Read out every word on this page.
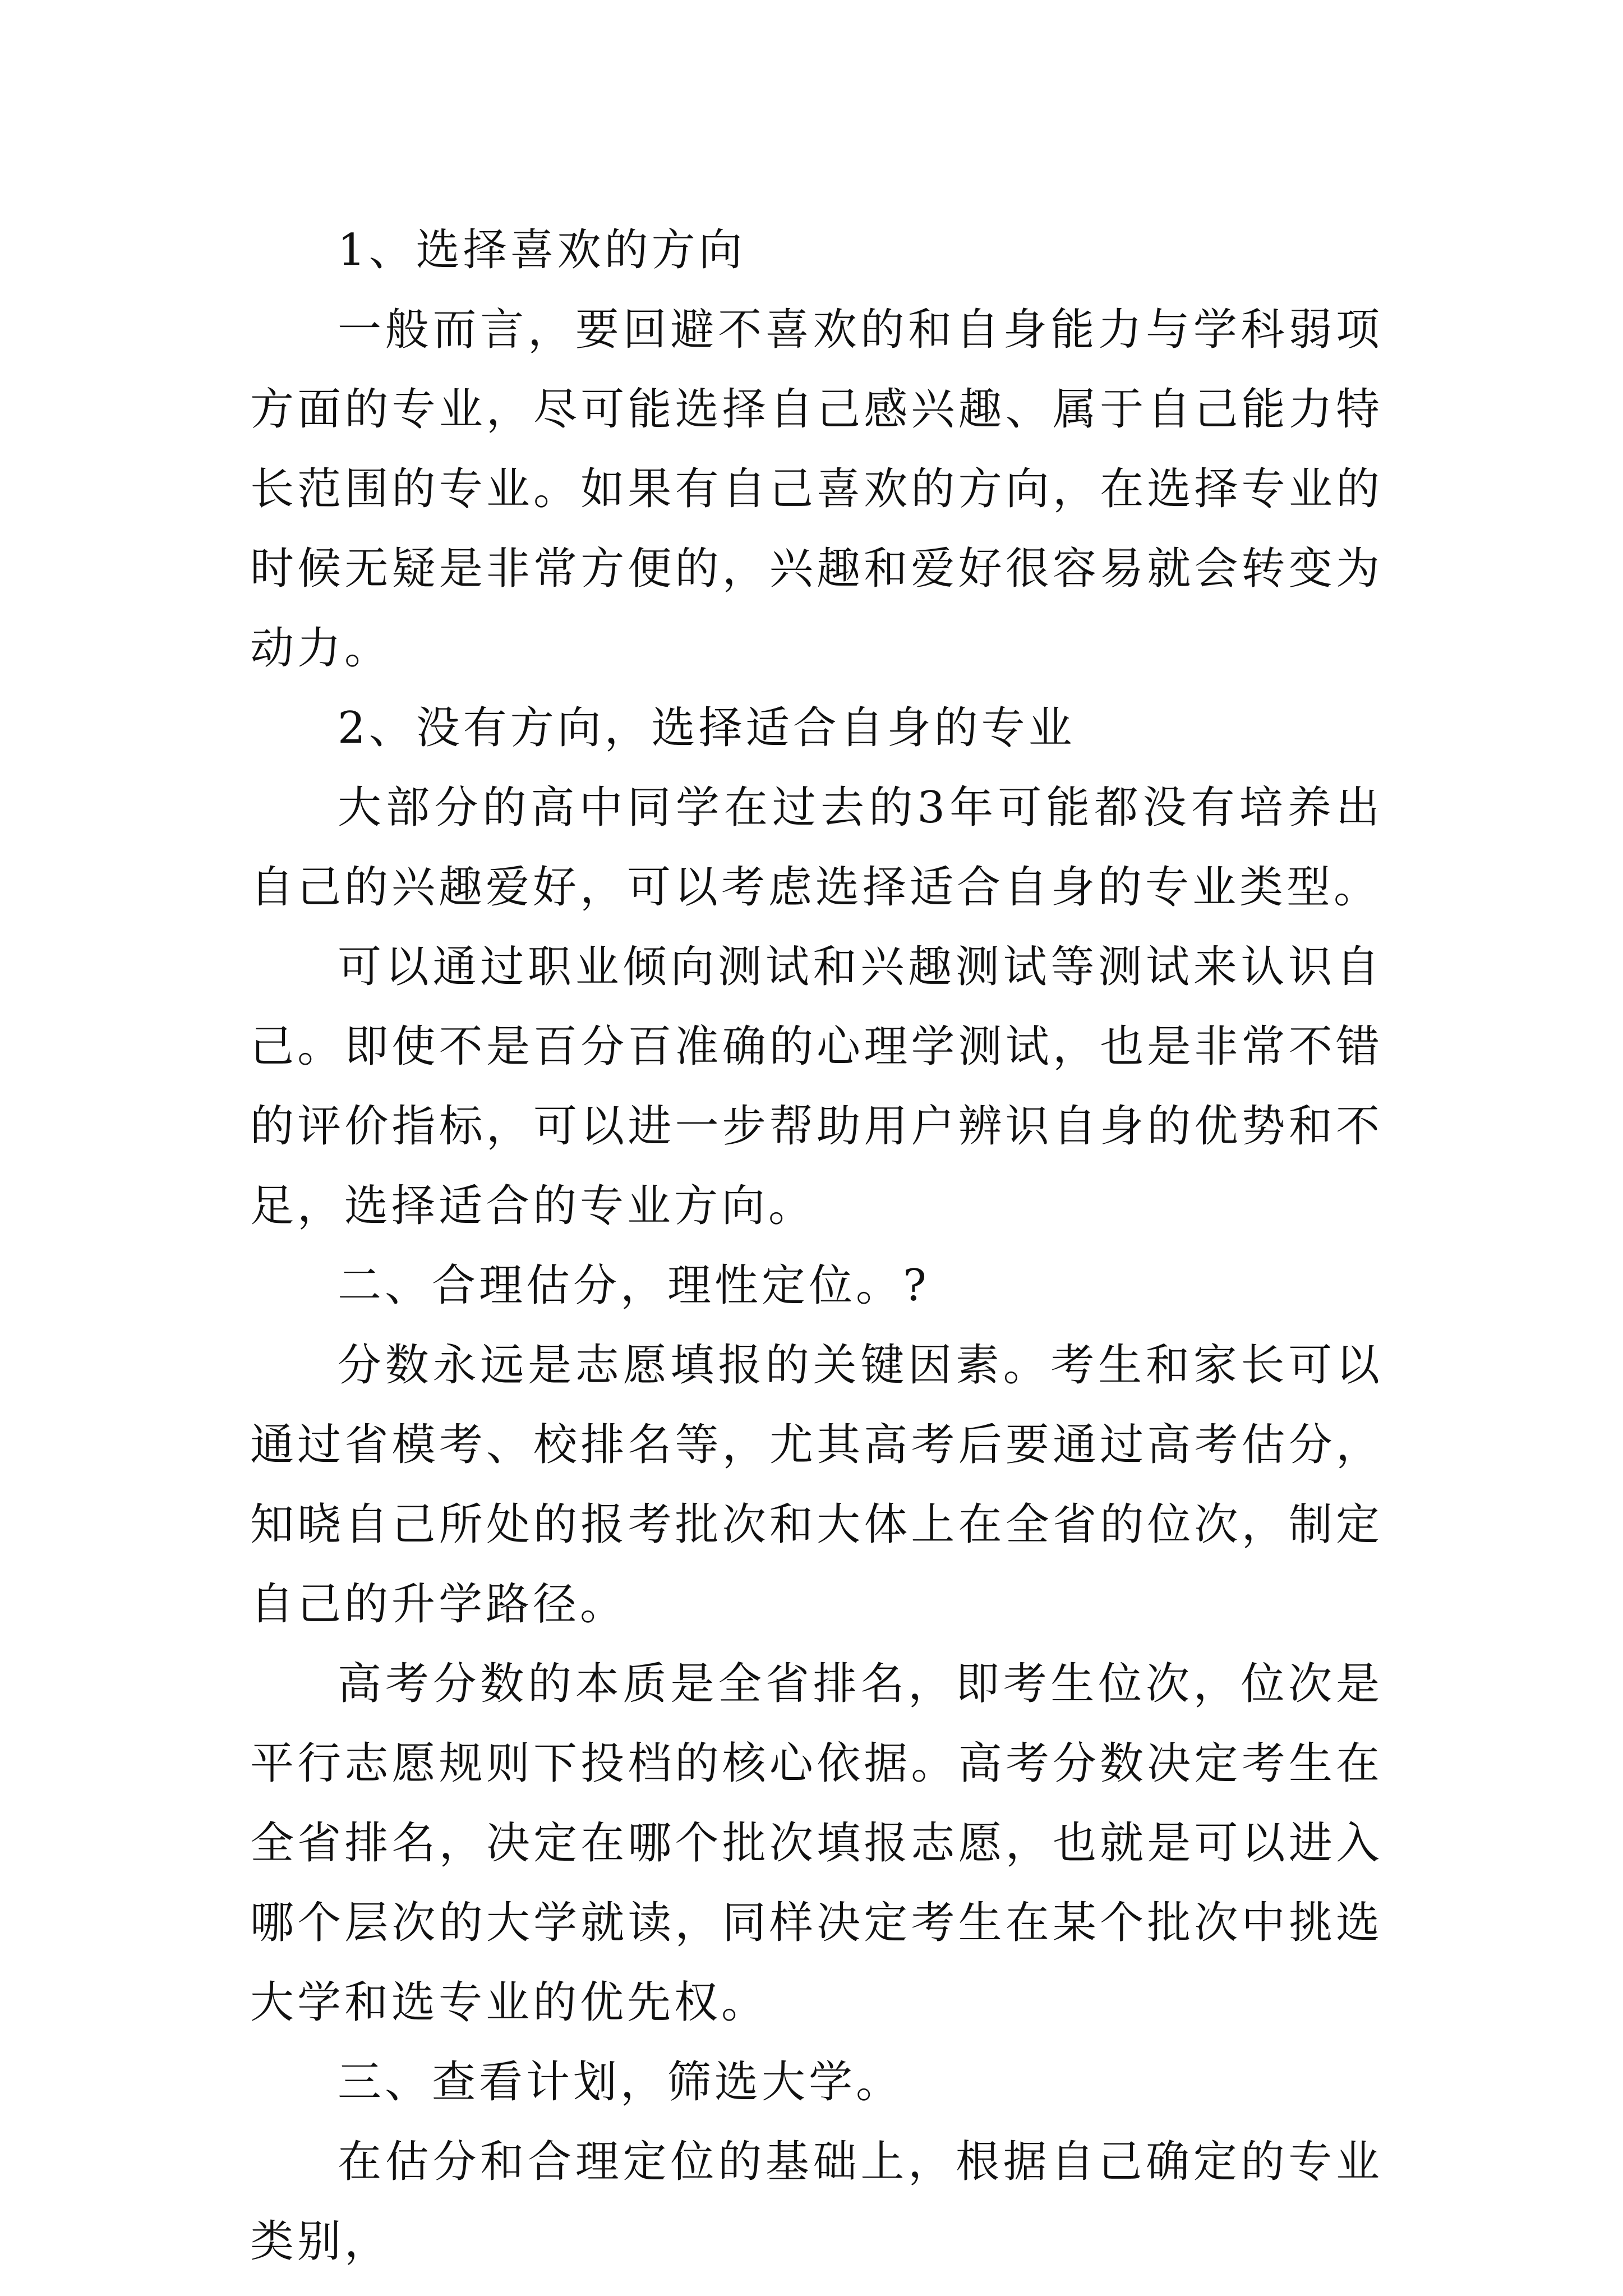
1、选择喜欢的方向

一般而言，要回避不喜欢的和自身能力与学科弱项方面的专业，尽可能选择自己感兴趣、属于自己能力特长范围的专业。如果有自己喜欢的方向，在选择专业的时候无疑是非常方便的，兴趣和爱好很容易就会转变为动力。

2、没有方向，选择适合自身的专业

大部分的高中同学在过去的3年可能都没有培养出自己的兴趣爱好，可以考虑选择适合自身的专业类型。

可以通过职业倾向测试和兴趣测试等测试来认识自己。即使不是百分百准确的心理学测试，也是非常不错的评价指标，可以进一步帮助用户辨识自身的优势和不足，选择适合的专业方向。

二、合理估分，理性定位。?

分数永远是志愿填报的关键因素。考生和家长可以通过省模考、校排名等，尤其高考后要通过高考估分，知晓自己所处的报考批次和大体上在全省的位次，制定自己的升学路径。

高考分数的本质是全省排名，即考生位次，位次是平行志愿规则下投档的核心依据。高考分数决定考生在全省排名，决定在哪个批次填报志愿，也就是可以进入哪个层次的大学就读，同样决定考生在某个批次中挑选大学和选专业的优先权。

三、查看计划，筛选大学。

在估分和合理定位的基础上，根据自己确定的专业类别，
